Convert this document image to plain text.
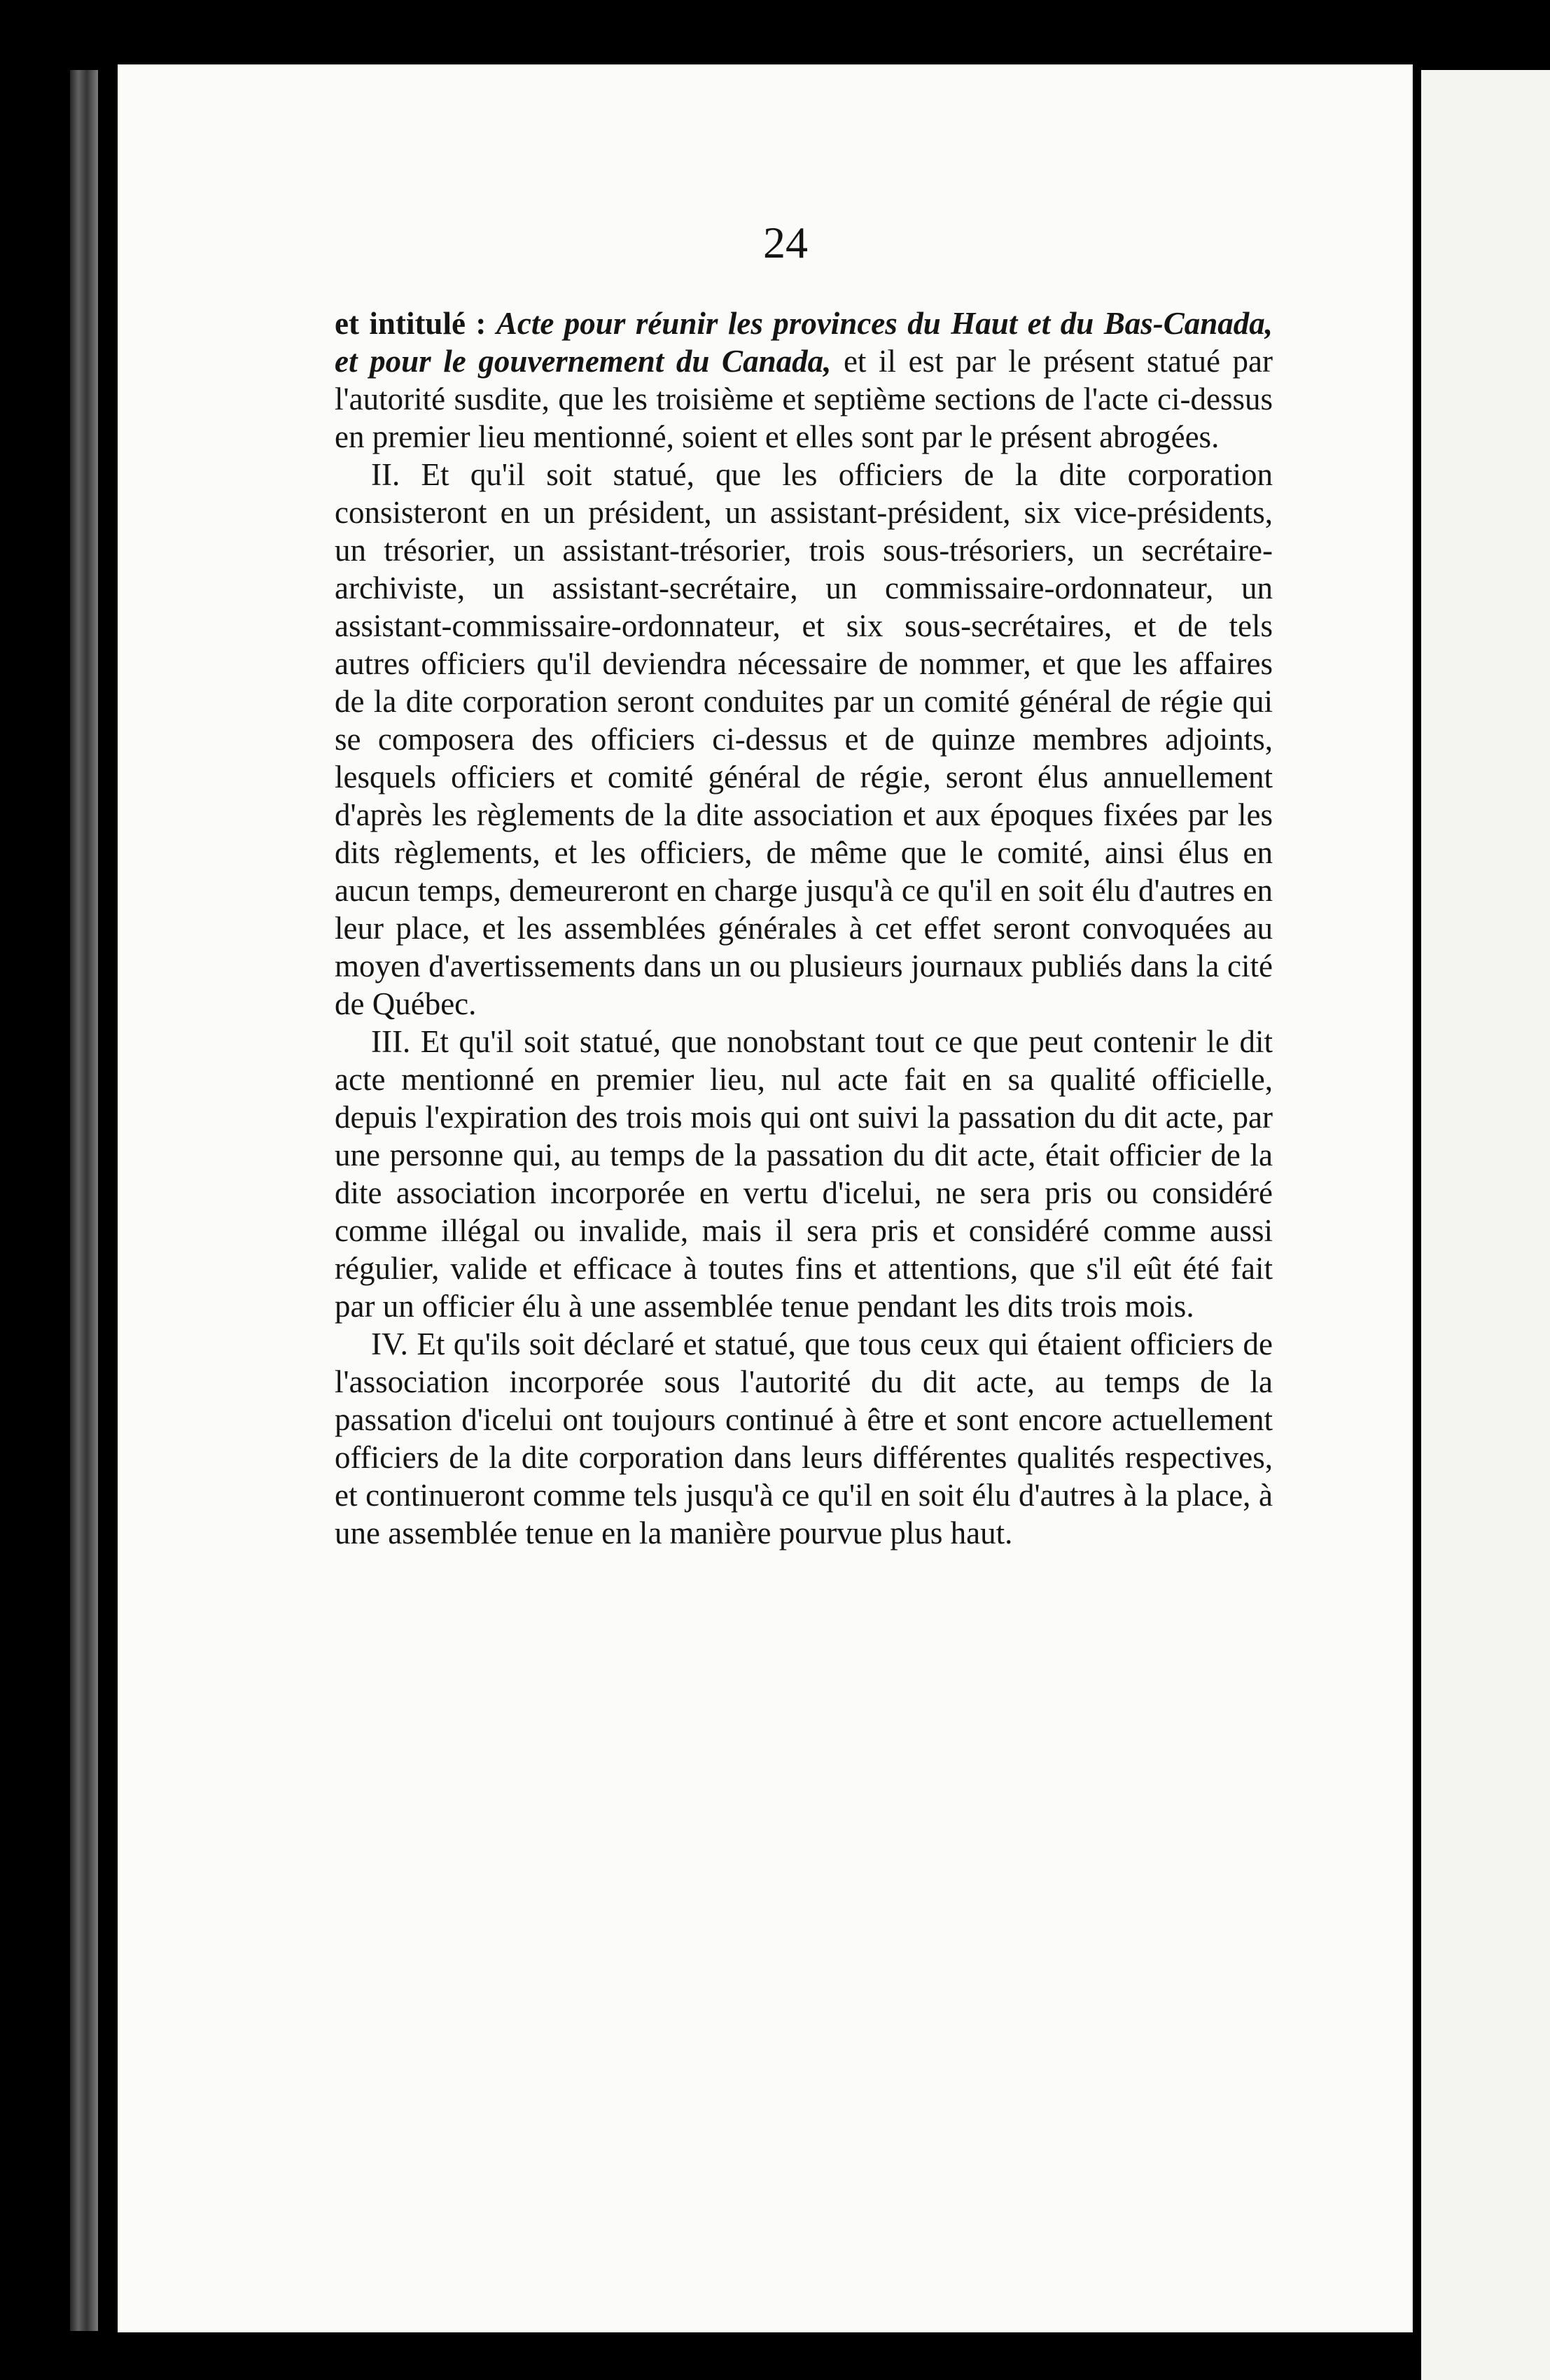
24

et intitulé : Acte pour réunir les provinces du Haut et du Bas-Canada, et pour le gouvernement du Canada, et il est par le présent statué par l'autorité susdite, que les troisième et septième sections de l'acte ci-dessus en premier lieu mentionné, soient et elles sont par le présent abrogées.

II. Et qu'il soit statué, que les officiers de la dite corporation consisteront en un président, un assistant-président, six vice-présidents, un trésorier, un assistant-trésorier, trois sous-trésoriers, un secrétaire-archiviste, un assistant-secrétaire, un commissaire-ordonnateur, un assistant-commissaire-ordonnateur, et six sous-secrétaires, et de tels autres officiers qu'il deviendra nécessaire de nommer, et que les affaires de la dite corporation seront conduites par un comité général de régie qui se composera des officiers ci-dessus et de quinze membres adjoints, lesquels officiers et comité général de régie, seront élus annuellement d'après les règlements de la dite association et aux époques fixées par les dits règlements, et les officiers, de même que le comité, ainsi élus en aucun temps, demeureront en charge jusqu'à ce qu'il en soit élu d'autres en leur place, et les assemblées générales à cet effet seront convoquées au moyen d'avertissements dans un ou plusieurs journaux publiés dans la cité de Québec.

III. Et qu'il soit statué, que nonobstant tout ce que peut contenir le dit acte mentionné en premier lieu, nul acte fait en sa qualité officielle, depuis l'expiration des trois mois qui ont suivi la passation du dit acte, par une personne qui, au temps de la passation du dit acte, était officier de la dite association incorporée en vertu d'icelui, ne sera pris ou considéré comme illégal ou invalide, mais il sera pris et considéré comme aussi régulier, valide et efficace à toutes fins et attentions, que s'il eût été fait par un officier élu à une assemblée tenue pendant les dits trois mois.

IV. Et qu'ils soit déclaré et statué, que tous ceux qui étaient officiers de l'association incorporée sous l'autorité du dit acte, au temps de la passation d'icelui ont toujours continué à être et sont encore actuellement officiers de la dite corporation dans leurs différentes qualités respectives, et continueront comme tels jusqu'à ce qu'il en soit élu d'autres à la place, à une assemblée tenue en la manière pourvue plus haut.
